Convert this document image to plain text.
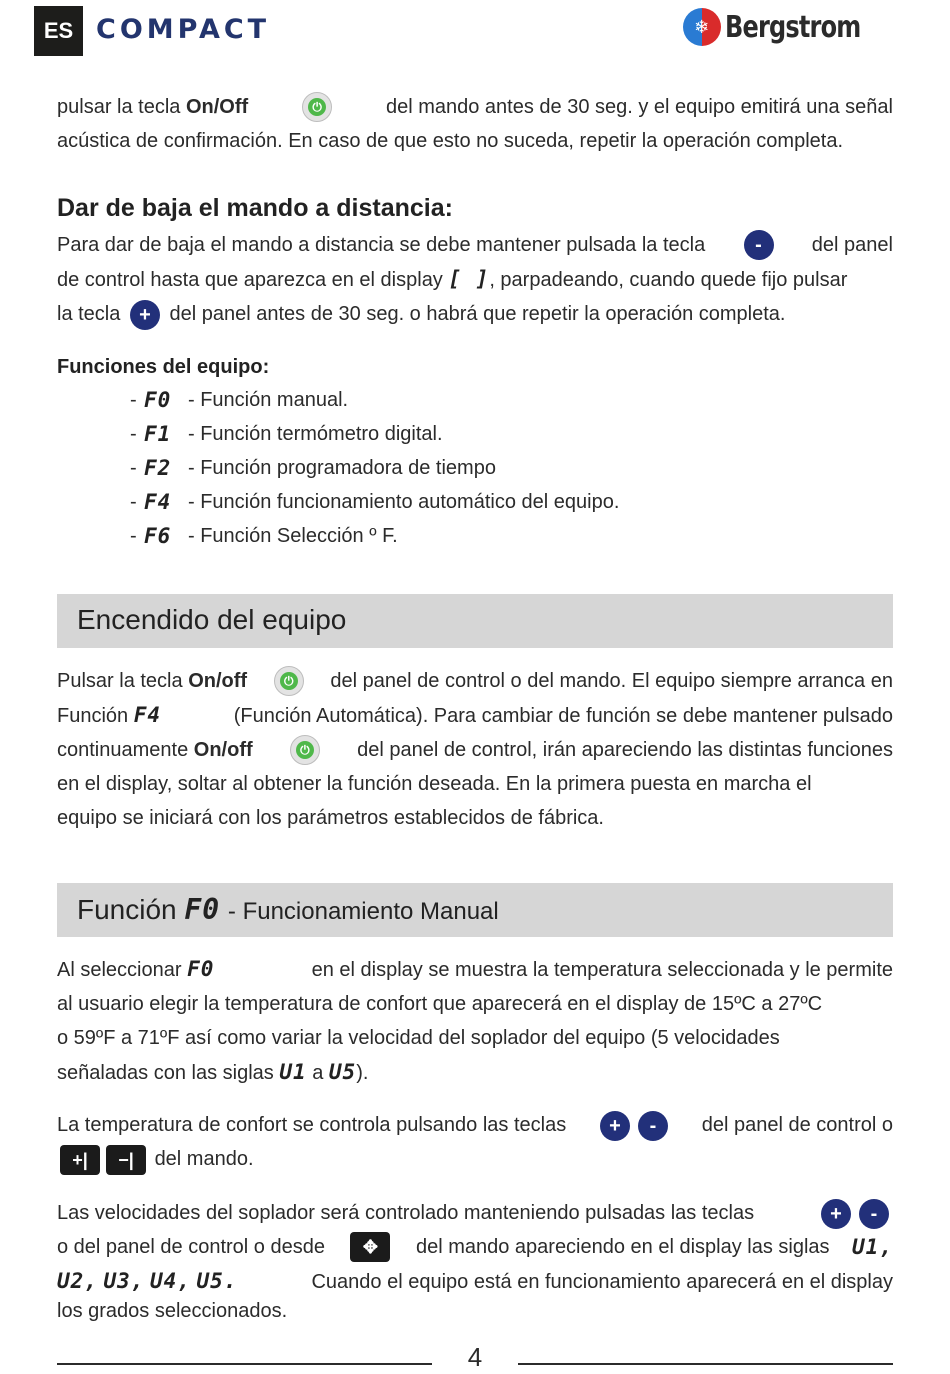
ES COMPACT	❄ Bergstrom
pulsar la tecla On/Off	⏻	del mando antes de 30 seg. y el equipo emitirá una señal
acústica de confirmación. En caso de que esto no suceda, repetir la operación completa.
Dar de baja el mando a distancia:
Para dar de baja el mando a distancia se debe mantener pulsada la tecla	-	del panel
de control hasta que aparezca en el display [ ], parpadeando, cuando quede fijo pulsar
la tecla + del panel antes de 30 seg. o habrá que repetir la operación completa.
Funciones del equipo:
- F0 - Función manual.
- F1 - Función termómetro digital.
- F2 - Función programadora de tiempo
- F4 - Función funcionamiento automático del equipo.
- F6 - Función Selección º F.
Encendido del equipo
Pulsar la tecla On/off	⏻ del panel de control o del mando. El equipo siempre arranca en
Función F4	(Función Automática). Para cambiar de función se debe mantener pulsado
continuamente On/off	⏻ del panel de control, irán apareciendo las distintas funciones
en el display, soltar al obtener la función deseada. En la primera puesta en marcha el
equipo se iniciará con los parámetros establecidos de fábrica.
Función F0 - Funcionamiento Manual
Al seleccionar F0	en el display se muestra la temperatura seleccionada y le permite
al usuario elegir la temperatura de confort que aparecerá en el display de 15ºC a 27ºC
o 59ºF a 71ºF así como variar la velocidad del soplador del equipo (5 velocidades
señaladas con las siglas U1 a U5).
La temperatura de confort se controla pulsando las teclas	+ -	del panel de control o
+| −| del mando.
Las velocidades del soplador será controlado manteniendo pulsadas las teclas	+ -
o del panel de control o desde	✥	del mando apareciendo en el display las siglas U1,
U2, U3, U4, U5.	Cuando el equipo está en funcionamiento aparecerá en el display
los grados seleccionados.
4
